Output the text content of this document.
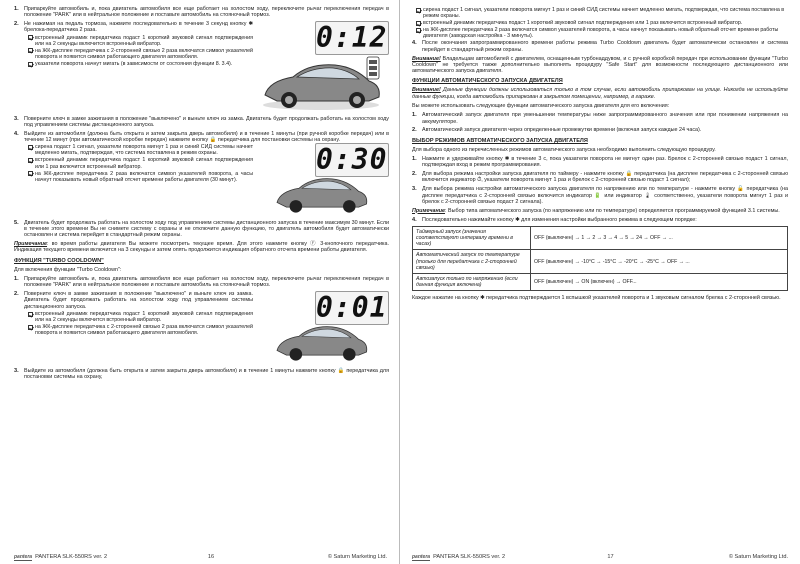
1. Припаркуйте автомобиль и, пока двигатель автомобиля все еще работает на холостом ходу, переключите рычаг переключения передач в положение "PARK" или в нейтральное положение и поставьте автомобиль на стояночный тормоз.
2.	0:12
Не нажимая на педаль тормоза, нажмите последовательно в течение 3 секунд кнопку ✱ брелока-передатчика 2 раза.
встроенный динамик передатчика подаст 1 короткий звуковой сигнал подтверждения или на 2 секунды включится встроенный вибратор.
на ЖК-дисплее передатчика с 2-сторонней связью 2 раза включатся символ указателей поворота и появится символ работающего двигателя автомобиля.
указатели поворота начнут мигать (в зависимости от состояния функции 8. 3.4).
3. Поверните ключ в замке зажигания в положение "выключено" и выньте ключ из замка. Двигатель будет продолжать работать на холостом ходу под управлением системы дистанционного запуска.
4. Выйдите из автомобиля (должна быть открыта и затем закрыта дверь автомобиля) и в течение 1 минуты (при ручной коробке передач) или в течение 12 минут (при автоматической коробке передач) нажмите кнопку 🔒 передатчика для постановки системы на охрану.
0:30
сирена подаст 1 сигнал, указатели поворота мигнут 1 раз и синий СИД системы начнет медленно мигать, подтверждая, что система поставлена в режим охраны.
встроенный динамик передатчика подаст 1 короткий звуковой сигнал подтверждения или 1 раз включится встроенный вибратор.
на ЖК-дисплее передатчика 2 раза включатся символ указателей поворота, а часы начнут показывать новый обратный отсчет времени работы двигателя (30 минут).
5. Двигатель будет продолжать работать на холостом ходу под управлением системы дистанционного запуска в течение максимум 30 минут. Если в течение этого времени Вы не снимете систему с охраны и не отключите данную функцию, то двигатель автомобиля будет автоматически остановлен и система перейдет в стандартный режим охраны.
Примечание: во время работы двигателя Вы можете посмотреть текущее время. Для этого нажмите кнопку Ⓕ 3-кнопочного передатчика. Индикация текущего времени включится на 3 секунды и затем опять продолжится индикация обратного отсчета времени работы двигателя.
ФУНКЦИЯ "TURBO COOLDOWN"
Для включения функции "Turbo Cooldown":
1. Припаркуйте автомобиль и, пока двигатель автомобиля все еще работает на холостом ходу, переключите рычаг переключения передач в положение "PARK" или в нейтральное положение и поставьте автомобиль на стояночный тормоз.
2.	0:01
Поверните ключ в замке зажигания в положение "выключено" и выньте ключ из замка. Двигатель будет продолжать работать на холостом ходу под управлением системы дистанционного запуска.
встроенный динамик передатчика подаст 1 короткий звуковой сигнал подтверждения или на 2 секунды включится встроенный вибратор.
на ЖК-дисплее передатчика с 2-сторонней связью 2 раза включатся символ указателей поворота и появится символ работающего двигателя автомобиля.
3. Выйдите из автомобиля (должна быть открыта и затем закрыта дверь автомобиля) и в течение 1 минуты нажмите кнопку 🔒 передатчика для постановки системы на охрану,
pantera PANTERA SLK-550RS ver. 2	16	© Saturn Marketing Ltd.
сирена подаст 1 сигнал, указатели поворота мигнут 1 раз и синий СИД системы начнет медленно мигать, подтверждая, что система поставлена в режим охраны.
встроенный динамик передатчика подаст 1 короткий звуковой сигнал подтверждения или 1 раз включится встроенный вибратор.
на ЖК-дисплее передатчика 2 раза включатся символ указателей поворота, а часы начнут показывать новый обратный отсчет времени работы двигателя (заводская настройка - 3 минуты).
4. После окончания запрограммированного времени работы режима Turbo Cooldown двигатель будет автоматически остановлен и система перейдет в стандартный режим охраны.
Внимание! Владельцам автомобилей с двигателем, оснащенным турбонаддувом, и с ручной коробкой передач при использовании функции "Turbo Cooldown" не требуется также дополнительно выполнять процедуру "Safe Start" для возможности последующего дистанционного или автоматического запуска двигателя.
ФУНКЦИИ АВТОМАТИЧЕСКОГО ЗАПУСКА ДВИГАТЕЛЯ
Внимание! Данные функции должны использоваться только в том случае, если автомобиль припаркован на улице. Никогда не используйте данные функции, когда автомобиль припаркован в закрытом помещении, например, в гараже.
Вы можете использовать следующие функции автоматического запуска двигателя для его включения:
1. Автоматический запуск двигателя при уменьшении температуры ниже запрограммированного значения или при понижении напряжения на аккумуляторе.
2. Автоматический запуск двигателя через определенные промежутки времени (включая запуск каждые 24 часа).
ВЫБОР РЕЖИМОВ АВТОМАТИЧЕСКОГО ЗАПУСКА ДВИГАТЕЛЯ
Для выбора одного из перечисленных режимов автоматического запуска необходимо выполнить следующую процедуру.
1. Нажмите и удерживайте кнопку ✱ в течение 3 с, пока указатели поворота не мигнут один раз. Брелок с 2-сторонней связью подаст 1 сигнал, подтверждая вход в режим программирования.
2. Для выбора режима настройки запуска двигателя по таймеру - нажмите кнопку 🔒 передатчика (на дисплее передатчика с 2-сторонней связью включится индикатор ⏱, указатели поворота мигнут 1 раз и брелок с 2-сторонней связью подаст 1 сигнал);
3. Для выбора режима настройки автоматического запуска двигателя по напряжению или по температуре - нажмите кнопку 🔓 передатчика (на дисплее передатчика с 2-сторонней связью включится индикатор 🔋 или индикатор 🌡 соответственно, указатели поворота мигнут 1 раз и брелок с 2-сторонней связью подаст 2 сигнала).
Примечание: Выбор типа автоматического запуска (по напряжению или по температуре) определяется программируемой функцией 3.1 системы.
4. Последовательно нажимайте кнопку ✱ для изменения настройки выбранного режима в следующем порядке:
Таймерный запуск (значения соответствуют интервалу времени в часах)	OFF (выключен) → 1 → 2 → 3 → 4 → 5 → 24 → OFF → ...
Автоматический запуск по температуре (только для передатчика с 2-сторонней связью)	OFF (выключен) → -10°C → -15°C → -20°C → -25°C → OFF → ...
Автозапуск только по напряжению (если данная функция включена)	OFF (выключен) → ON (включен) → OFF...
Каждое нажатие на кнопку ✱ передатчика подтверждается 1 вспышкой указателей поворота и 1 звуковым сигналом брелка с 2-сторонней связью.
pantera PANTERA SLK-550RS ver. 2	17	© Saturn Marketing Ltd.
